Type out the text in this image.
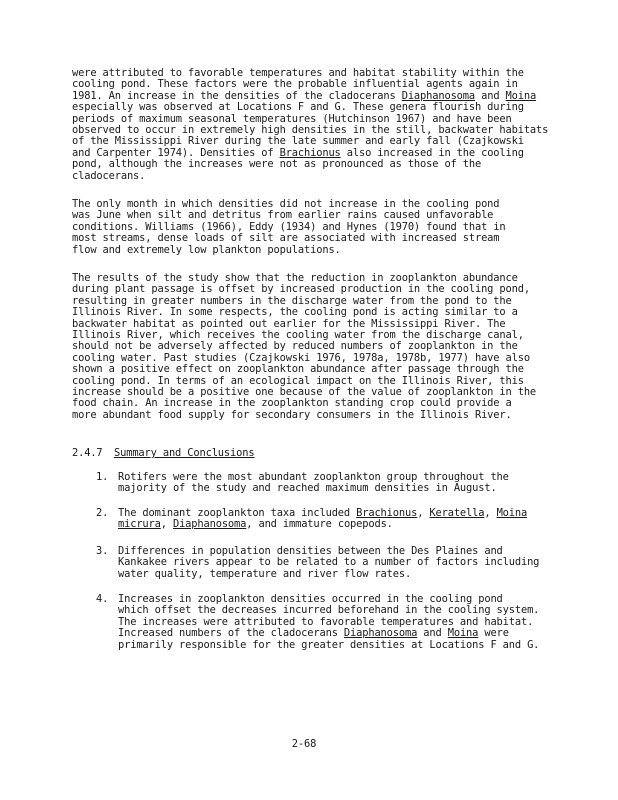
were attributed to favorable temperatures and habitat stability within the
cooling pond. These factors were the probable influential agents again in
1981. An increase in the densities of the cladocerans Diaphanosoma and Moina
especially was observed at Locations F and G. These genera flourish during
periods of maximum seasonal temperatures (Hutchinson 1967) and have been
observed to occur in extremely high densities in the still, backwater habitats
of the Mississippi River during the late summer and early fall (Czajkowski
and Carpenter 1974). Densities of Brachionus also increased in the cooling
pond, although the increases were not as pronounced as those of the
cladocerans.

The only month in which densities did not increase in the cooling pond
was June when silt and detritus from earlier rains caused unfavorable
conditions. Williams (1966), Eddy (1934) and Hynes (1970) found that in
most streams, dense loads of silt are associated with increased stream
flow and extremely low plankton populations.

The results of the study show that the reduction in zooplankton abundance
during plant passage is offset by increased production in the cooling pond,
resulting in greater numbers in the discharge water from the pond to the
Illinois River. In some respects, the cooling pond is acting similar to a
backwater habitat as pointed out earlier for the Mississippi River. The
Illinois River, which receives the cooling water from the discharge canal,
should not be adversely affected by reduced numbers of zooplankton in the
cooling water. Past studies (Czajkowski 1976, 1978a, 1978b, 1977) have also
shown a positive effect on zooplankton abundance after passage through the
cooling pond. In terms of an ecological impact on the Illinois River, this
increase should be a positive one because of the value of zooplankton in the
food chain. An increase in the zooplankton standing crop could provide a
more abundant food supply for secondary consumers in the Illinois River.

2.4.7 Summary and Conclusions
1. Rotifers were the most abundant zooplankton group throughout the
majority of the study and reached maximum densities in August.
2. The dominant zooplankton taxa included Brachionus, Keratella, Moina
micrura, Diaphanosoma, and immature copepods.
3. Differences in population densities between the Des Plaines and
Kankakee rivers appear to be related to a number of factors including
water quality, temperature and river flow rates.
4. Increases in zooplankton densities occurred in the cooling pond
which offset the decreases incurred beforehand in the cooling system.
The increases were attributed to favorable temperatures and habitat.
Increased numbers of the cladocerans Diaphanosoma and Moina were
primarily responsible for the greater densities at Locations F and G.
2-68
